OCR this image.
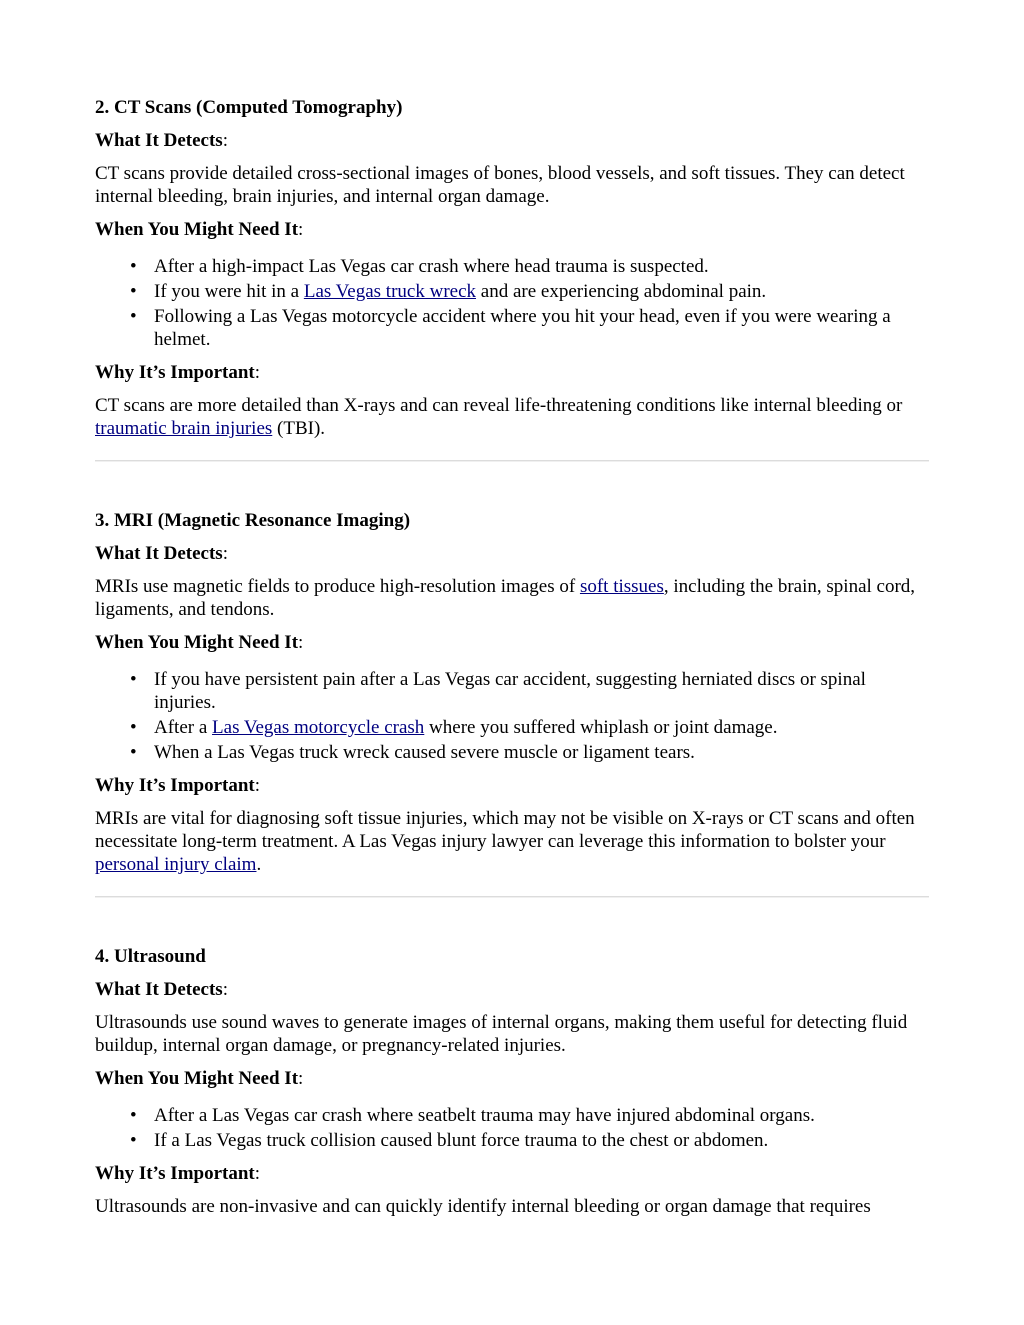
2. CT Scans (Computed Tomography)
What It Detects:

CT scans provide detailed cross-sectional images of bones, blood vessels, and soft tissues. They can detect internal bleeding, brain injuries, and internal organ damage.

When You Might Need It:
• After a high-impact Las Vegas car crash where head trauma is suspected.
• If you were hit in a Las Vegas truck wreck and are experiencing abdominal pain.
• Following a Las Vegas motorcycle accident where you hit your head, even if you were wearing a helmet.
Why It’s Important:

CT scans are more detailed than X-rays and can reveal life-threatening conditions like internal bleeding or traumatic brain injuries (TBI).

3. MRI (Magnetic Resonance Imaging)
What It Detects:

MRIs use magnetic fields to produce high-resolution images of soft tissues, including the brain, spinal cord, ligaments, and tendons.

When You Might Need It:
• If you have persistent pain after a Las Vegas car accident, suggesting herniated discs or spinal injuries.
• After a Las Vegas motorcycle crash where you suffered whiplash or joint damage.
• When a Las Vegas truck wreck caused severe muscle or ligament tears.
Why It’s Important:

MRIs are vital for diagnosing soft tissue injuries, which may not be visible on X-rays or CT scans and often necessitate long-term treatment. A Las Vegas injury lawyer can leverage this information to bolster your personal injury claim.

4. Ultrasound
What It Detects:

Ultrasounds use sound waves to generate images of internal organs, making them useful for detecting fluid buildup, internal organ damage, or pregnancy-related injuries.

When You Might Need It:
• After a Las Vegas car crash where seatbelt trauma may have injured abdominal organs.
• If a Las Vegas truck collision caused blunt force trauma to the chest or abdomen.
Why It’s Important:

Ultrasounds are non-invasive and can quickly identify internal bleeding or organ damage that requires
